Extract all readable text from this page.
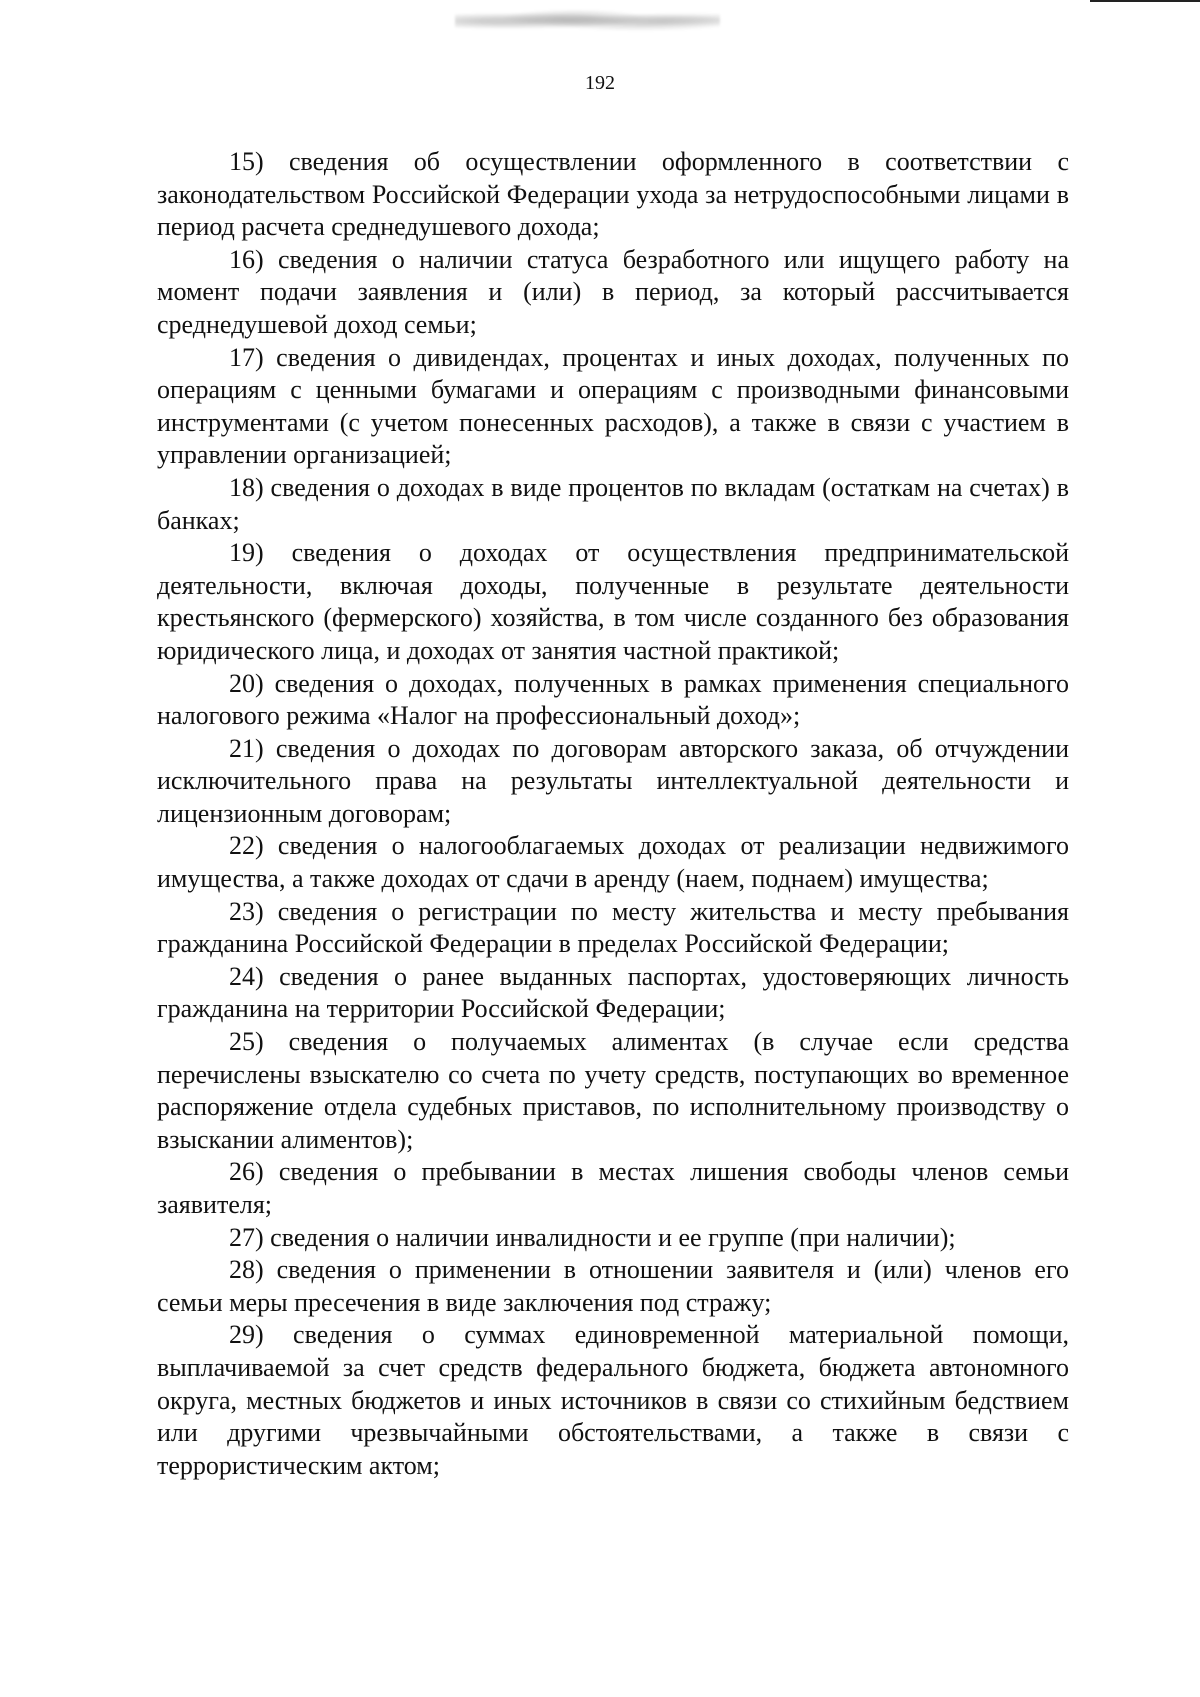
192

15) сведения об осуществлении оформленного в соответствии с законодательством Российской Федерации ухода за нетрудоспособными лицами в период расчета среднедушевого дохода;

16) сведения о наличии статуса безработного или ищущего работу на момент подачи заявления и (или) в период, за который рассчитывается среднедушевой доход семьи;

17) сведения о дивидендах, процентах и иных доходах, полученных по операциям с ценными бумагами и операциям с производными финансовыми инструментами (с учетом понесенных расходов), а также в связи с участием в управлении организацией;

18) сведения о доходах в виде процентов по вкладам (остаткам на счетах) в банках;

19) сведения о доходах от осуществления предпринимательской деятельности, включая доходы, полученные в результате деятельности крестьянского (фермерского) хозяйства, в том числе созданного без образования юридического лица, и доходах от занятия частной практикой;

20) сведения о доходах, полученных в рамках применения специального налогового режима «Налог на профессиональный доход»;

21) сведения о доходах по договорам авторского заказа, об отчуждении исключительного права на результаты интеллектуальной деятельности и лицензионным договорам;

22) сведения о налогооблагаемых доходах от реализации недвижимого имущества, а также доходах от сдачи в аренду (наем, поднаем) имущества;

23) сведения о регистрации по месту жительства и месту пребывания гражданина Российской Федерации в пределах Российской Федерации;

24) сведения о ранее выданных паспортах, удостоверяющих личность гражданина на территории Российской Федерации;

25) сведения о получаемых алиментах (в случае если средства перечислены взыскателю со счета по учету средств, поступающих во временное распоряжение отдела судебных приставов, по исполнительному производству о взыскании алиментов);

26) сведения о пребывании в местах лишения свободы членов семьи заявителя;

27) сведения о наличии инвалидности и ее группе (при наличии);

28) сведения о применении в отношении заявителя и (или) членов его семьи меры пресечения в виде заключения под стражу;

29) сведения о суммах единовременной материальной помощи, выплачиваемой за счет средств федерального бюджета, бюджета автономного округа, местных бюджетов и иных источников в связи со стихийным бедствием или другими чрезвычайными обстоятельствами, а также в связи с террористическим актом;
